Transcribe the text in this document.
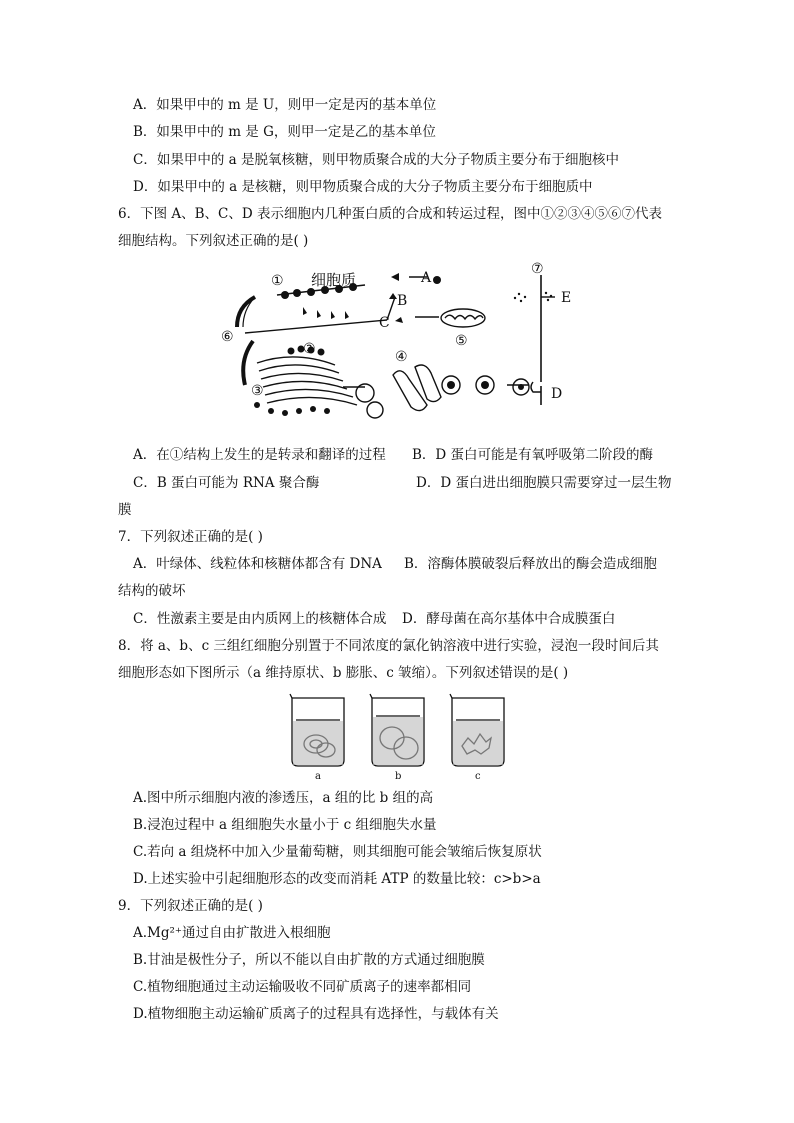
A．如果甲中的 m 是 U，则甲一定是丙的基本单位
B．如果甲中的 m 是 G，则甲一定是乙的基本单位
C．如果甲中的 a 是脱氧核糖，则甲物质聚合成的大分子物质主要分布于细胞核中
D．如果甲中的 a 是核糖，则甲物质聚合成的大分子物质主要分布于细胞质中
6．下图 A、B、C、D 表示细胞内几种蛋白质的合成和转运过程，图中①②③④⑤⑥⑦代表
细胞结构。下列叙述正确的是( )
① 细胞质	A
B
C
⑤
⑦
E
⑥
②	④
③	D
A．在①结构上发生的是转录和翻译的过程 B．D 蛋白可能是有氧呼吸第二阶段的酶
C．B 蛋白可能为 RNA 聚合酶	D．D 蛋白进出细胞膜只需要穿过一层生物
膜
7．下列叙述正确的是( )
A．叶绿体、线粒体和核糖体都含有 DNA B．溶酶体膜破裂后释放出的酶会造成细胞
结构的破坏
C．性激素主要是由内质网上的核糖体合成 D．酵母菌在高尔基体中合成膜蛋白
8．将 a、b、c 三组红细胞分别置于不同浓度的氯化钠溶液中进行实验，浸泡一段时间后其
细胞形态如下图所示（a 维持原状、b 膨胀、c 皱缩）。下列叙述错误的是( )
a	b	c
A.图中所示细胞内液的渗透压，a 组的比 b 组的高
B.浸泡过程中 a 组细胞失水量小于 c 组细胞失水量
C.若向 a 组烧杯中加入少量葡萄糖，则其细胞可能会皱缩后恢复原状
D.上述实验中引起细胞形态的改变而消耗 ATP 的数量比较：c>b>a
9．下列叙述正确的是( )
A.Mg²⁺通过自由扩散进入根细胞
B.甘油是极性分子，所以不能以自由扩散的方式通过细胞膜
C.植物细胞通过主动运输吸收不同矿质离子的速率都相同
D.植物细胞主动运输矿质离子的过程具有选择性，与载体有关
